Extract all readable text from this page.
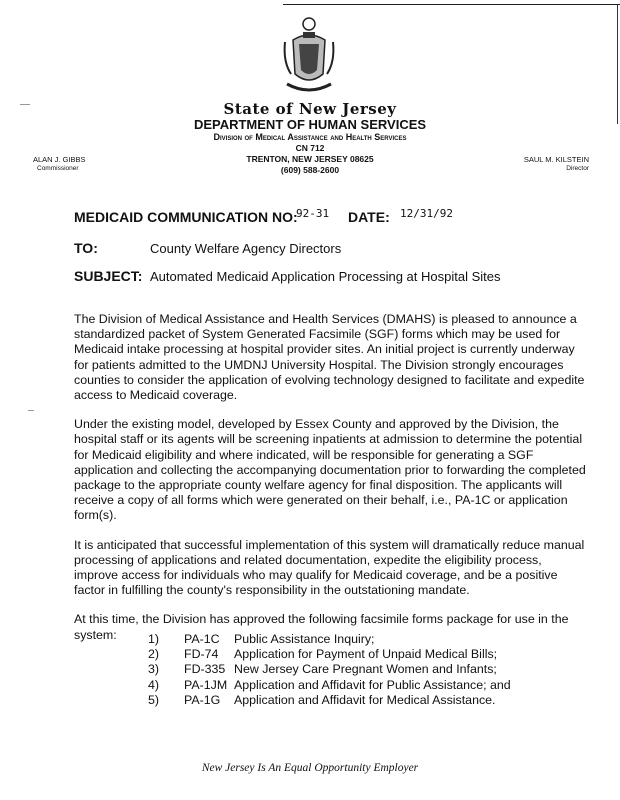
State of New Jersey
DEPARTMENT OF HUMAN SERVICES
Division of Medical Assistance and Health Services
CN 712
TRENTON, NEW JERSEY 08625
(609) 588-2600
ALAN J. GIBBS
Commissioner
SAUL M. KILSTEIN
Director
MEDICAID COMMUNICATION NO:
92-31 DATE: 12/31/92
TO:	County Welfare Agency Directors
SUBJECT: Automated Medicaid Application Processing at Hospital Sites

The Division of Medical Assistance and Health Services (DMAHS) is pleased to announce a standardized packet of System Generated Facsimile (SGF) forms which may be used for Medicaid intake processing at hospital provider sites. An initial project is currently underway for patients admitted to the UMDNJ University Hospital. The Division strongly encourages counties to consider the application of evolving technology designed to facilitate and expedite access to Medicaid coverage.

Under the existing model, developed by Essex County and approved by the Division, the hospital staff or its agents will be screening inpatients at admission to determine the potential for Medicaid eligibility and where indicated, will be responsible for generating a SGF application and collecting the accompanying documentation prior to forwarding the completed package to the appropriate county welfare agency for final disposition. The applicants will receive a copy of all forms which were generated on their behalf, i.e., PA-1C or application form(s).

It is anticipated that successful implementation of this system will dramatically reduce manual processing of applications and related documentation, expedite the eligibility process, improve access for individuals who may qualify for Medicaid coverage, and be a positive factor in fulfilling the county's responsibility in the outstationing mandate.

At this time, the Division has approved the following facsimile forms package for use in the system:	1)	PA-1C	Public Assistance Inquiry;
2)	FD-74	Application for Payment of Unpaid Medical Bills;
3)	FD-335 New Jersey Care Pregnant Women and Infants;
4)	PA-1JM Application and Affidavit for Public Assistance; and
5)	PA-1G	Application and Affidavit for Medical Assistance.
New Jersey Is An Equal Opportunity Employer
